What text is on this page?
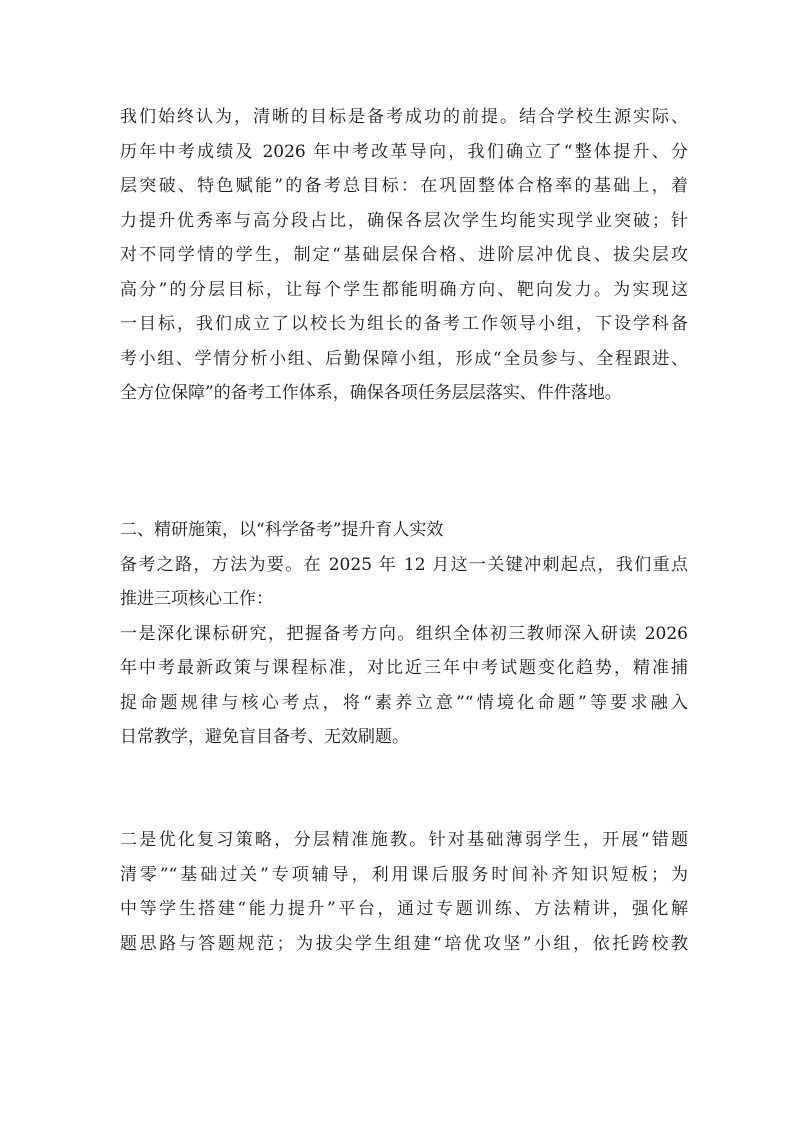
我们始终认为，清晰的目标是备考成功的前提。结合学校生源实际、
历年中考成绩及 2026 年中考改革导向，我们确立了“整体提升、分
层突破、特色赋能”的备考总目标：在巩固整体合格率的基础上，着
力提升优秀率与高分段占比，确保各层次学生均能实现学业突破；针
对不同学情的学生，制定“基础层保合格、进阶层冲优良、拔尖层攻
高分”的分层目标，让每个学生都能明确方向、靶向发力。为实现这
一目标，我们成立了以校长为组长的备考工作领导小组，下设学科备
考小组、学情分析小组、后勤保障小组，形成“全员参与、全程跟进、
全方位保障”的备考工作体系，确保各项任务层层落实、件件落地。
二、精研施策，以“科学备考”提升育人实效
备考之路，方法为要。在 2025 年 12 月这一关键冲刺起点，我们重点
推进三项核心工作：
一是深化课标研究，把握备考方向。组织全体初三教师深入研读 2026
年中考最新政策与课程标准，对比近三年中考试题变化趋势，精准捕
捉命题规律与核心考点，将“素养立意”“情境化命题”等要求融入
日常教学，避免盲目备考、无效刷题。
二是优化复习策略，分层精准施教。针对基础薄弱学生，开展“错题
清零”“基础过关”专项辅导，利用课后服务时间补齐知识短板；为
中等学生搭建“能力提升”平台，通过专题训练、方法精讲，强化解
题思路与答题规范；为拔尖学生组建“培优攻坚”小组，依托跨校教
